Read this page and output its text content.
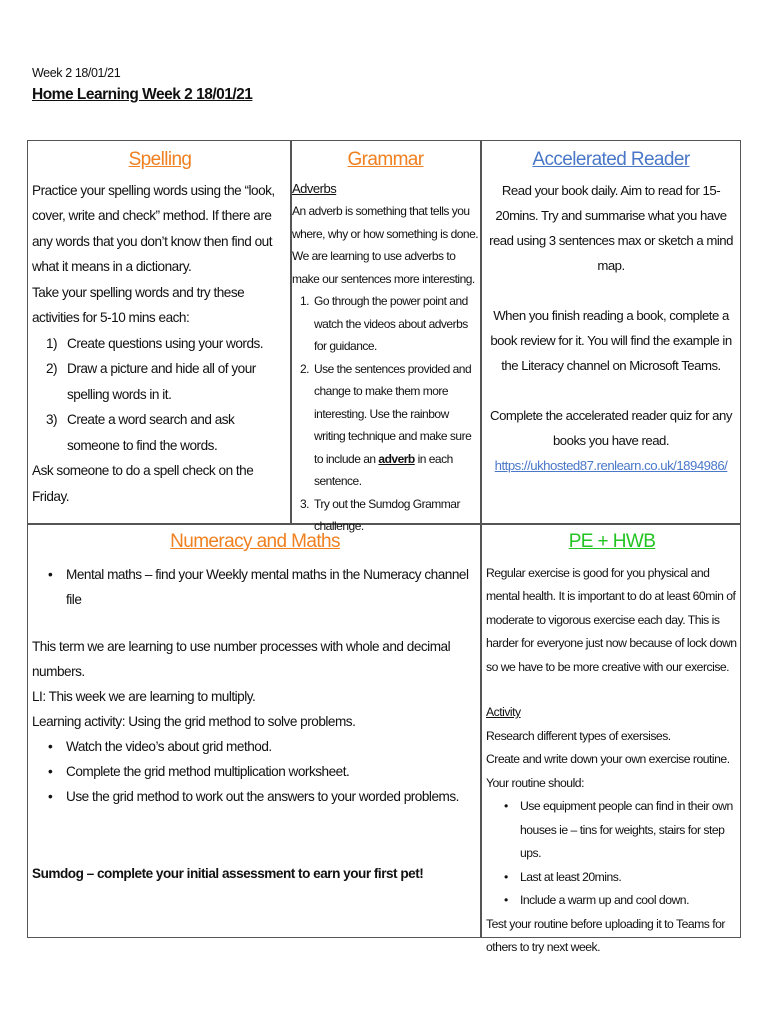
Week 2 18/01/21

Home Learning Week 2 18/01/21

Spelling

Practice your spelling words using the “look, cover, write and check” method. If there are any words that you don’t know then find out what it means in a dictionary.

Take your spelling words and try these activities for 5-10 mins each:

1) Create questions using your words.
2) Draw a picture and hide all of your spelling words in it.
3) Create a word search and ask someone to find the words.

Ask someone to do a spell check on the Friday.

Grammar

Adverbs

An adverb is something that tells you where, why or how something is done. We are learning to use adverbs to make our sentences more interesting.

1. Go through the power point and watch the videos about adverbs for guidance.
2. Use the sentences provided and change to make them more interesting. Use the rainbow writing technique and make sure to include an adverb in each sentence.
3. Try out the Sumdog Grammar challenge.

Accelerated Reader

Read your book daily. Aim to read for 15-20mins. Try and summarise what you have read using 3 sentences max or sketch a mind map.

When you finish reading a book, complete a book review for it. You will find the example in the Literacy channel on Microsoft Teams.

Complete the accelerated reader quiz for any books you have read.

https://ukhosted87.renlearn.co.uk/1894986/

Numeracy and Maths

• Mental maths – find your Weekly mental maths in the Numeracy channel file

This term we are learning to use number processes with whole and decimal numbers.

LI: This week we are learning to multiply.

Learning activity: Using the grid method to solve problems.

• Watch the video’s about grid method.
• Complete the grid method multiplication worksheet.
• Use the grid method to work out the answers to your worded problems.

Sumdog – complete your initial assessment to earn your first pet!

PE + HWB

Regular exercise is good for you physical and mental health. It is important to do at least 60min of moderate to vigorous exercise each day. This is harder for everyone just now because of lock down so we have to be more creative with our exercise.

Activity

Research different types of exersises.

Create and write down your own exercise routine.

Your routine should:

• Use equipment people can find in their own houses ie – tins for weights, stairs for step ups.
• Last at least 20mins.
• Include a warm up and cool down.

Test your routine before uploading it to Teams for others to try next week.
